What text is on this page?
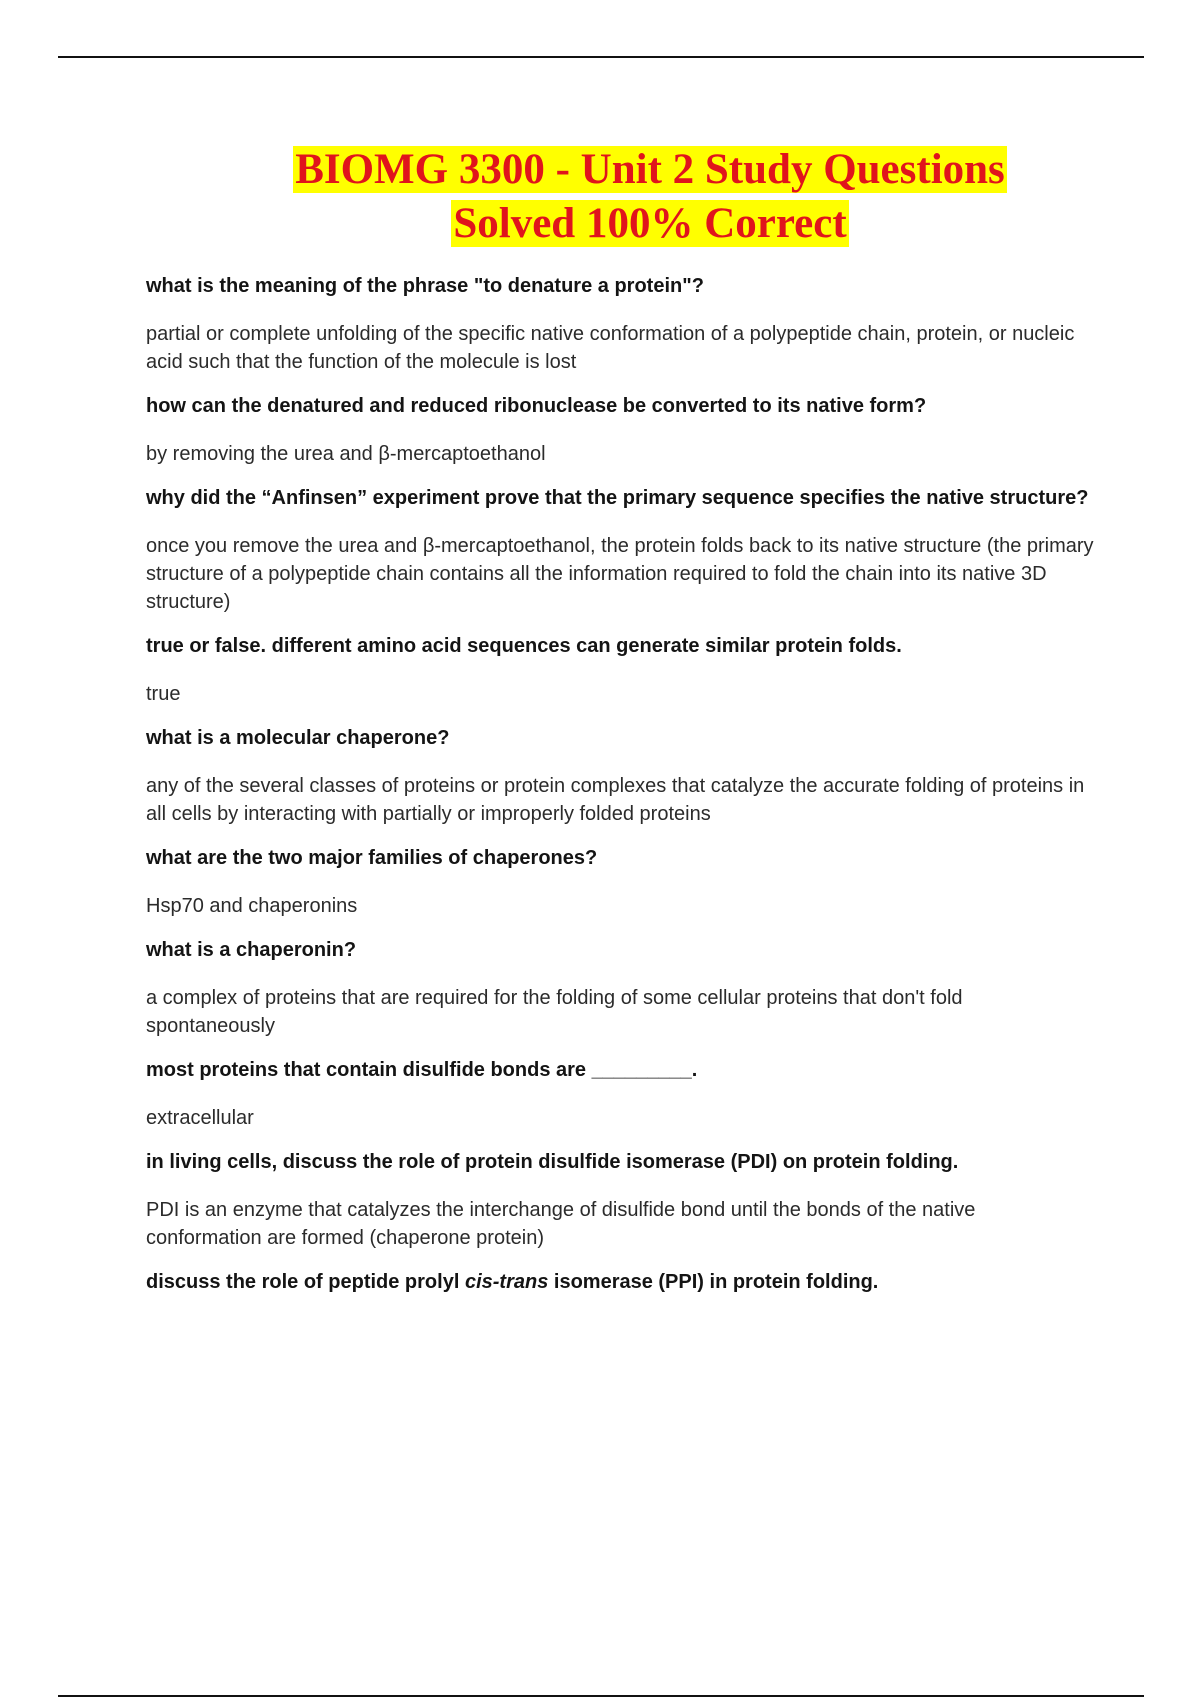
BIOMG 3300 - Unit 2 Study Questions
Solved 100% Correct
what is the meaning of the phrase "to denature a protein"?
partial or complete unfolding of the specific native conformation of a polypeptide chain, protein, or nucleic acid such that the function of the molecule is lost
how can the denatured and reduced ribonuclease be converted to its native form?
by removing the urea and β-mercaptoethanol
why did the “Anfinsen” experiment prove that the primary sequence specifies the native structure?
once you remove the urea and β-mercaptoethanol, the protein folds back to its native structure (the primary structure of a polypeptide chain contains all the information required to fold the chain into its native 3D structure)
true or false. different amino acid sequences can generate similar protein folds.
true
what is a molecular chaperone?
any of the several classes of proteins or protein complexes that catalyze the accurate folding of proteins in all cells by interacting with partially or improperly folded proteins
what are the two major families of chaperones?
Hsp70 and chaperonins
what is a chaperonin?
a complex of proteins that are required for the folding of some cellular proteins that don't fold spontaneously
most proteins that contain disulfide bonds are _________.
extracellular
in living cells, discuss the role of protein disulfide isomerase (PDI) on protein folding.
PDI is an enzyme that catalyzes the interchange of disulfide bond until the bonds of the native conformation are formed (chaperone protein)
discuss the role of peptide prolyl cis-trans isomerase (PPI) in protein folding.
